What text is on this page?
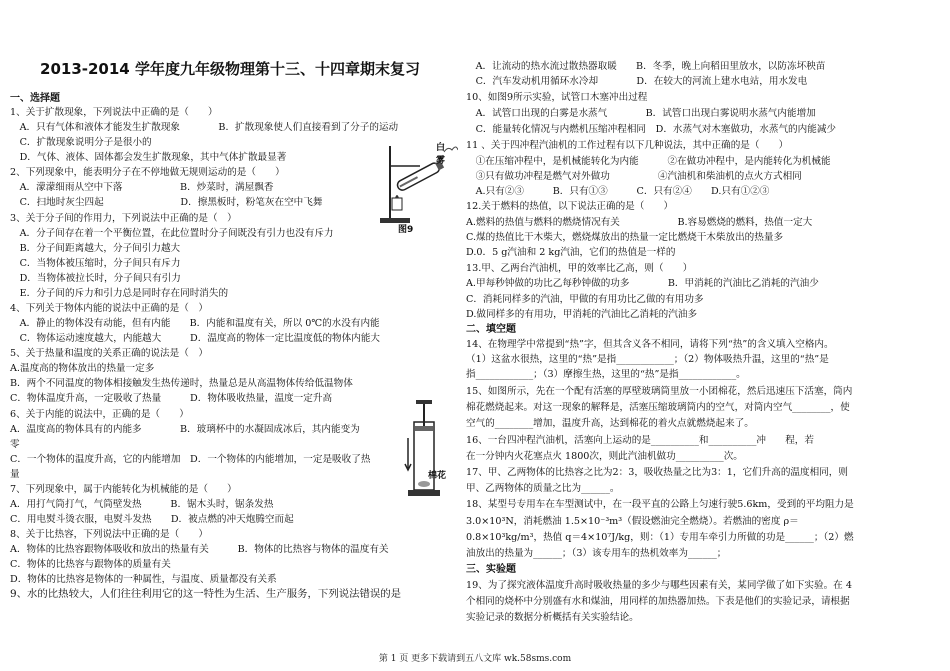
2013-2014 学年度九年级物理第十三、十四章期末复习
一、选择题
1、关于扩散现象，下列说法中正确的是（　　）
　A．只有气体和液体才能发生扩散现象　　　　B．扩散现象使人们直接看到了分子的运动
　C．扩散现象说明分子是很小的
　D．气体、液体、固体都会发生扩散现象，其中气体扩散最显著
2、下列现象中，能表明分子在不停地做无规则运动的是（　　）
　A．濛濛细雨从空中下落　　　　　　B．炒菜时，满屋飘香
　C．扫地时灰尘四起　　　　　　　　D．擦黑板时，粉笔灰在空中飞舞
3、关于分子间的作用力，下列说法中正确的是（　）
　A．分子间存在着一个平衡位置，在此位置时分子间既没有引力也没有斥力
　B．分子间距离越大，分子间引力越大
　C．当物体被压缩时，分子间只有斥力
　D．当物体被拉长时，分子间只有引力
　E．分子间的斥力和引力总是同时存在同时消失的
4、下列关于物体内能的说法中正确的是（　）
　A．静止的物体没有动能，但有内能　　B．内能和温度有关，所以 0℃的水没有内能
　C．物体运动速度越大，内能越大　　　D．温度高的物体一定比温度低的物体内能大
5、关于热量和温度的关系正确的说法是（　）
A.温度高的物体放出的热量一定多
B．两个不同温度的物体相接触发生热传递时，热量总是从高温物体传给低温物体
C．物体温度升高，一定吸收了热量　　　D．物体吸收热量，温度一定升高
6、关于内能的说法中，正确的是（　　）
A．温度高的物体具有的内能多　　　　B．玻璃杯中的水凝固成冰后，其内能变为
零
C．一个物体的温度升高，它的内能增加　D．一个物体的内能增加，一定是吸收了热
量
7、下列现象中，属于内能转化为机械能的是（　　）
A．用打气筒打气，气筒壁发热　　　B．锯木头时，锯条发热
C．用电熨斗烫衣服，电熨斗发热　　D．被点燃的冲天炮腾空而起
8、关于比热容，下列说法中正确的是（　　）
A．物体的比热容跟物体吸收和放出的热量有关　　　B．物体的比热容与物体的温度有关
C．物体的比热容与跟物体的质量有关
D．物体的比热容是物体的一种属性，与温度、质量都没有关系
9、水的比热较大，人们往往利用它的这一特性为生活、生产服务，下列说法错误的是
白雾
图9
棉花
　A．让流动的热水流过散热器取暖　　B．冬季，晚上向稻田里放水，以防冻坏秧苗
　C．汽车发动机用循环水冷却　　　　D．在较大的河流上建水电站，用水发电
10、如图9所示实验，试管口木塞冲出过程
　A．试管口出现的白雾是水蒸气　　　　B．试管口出现白雾说明水蒸气内能增加
　C．能量转化情况与内燃机压缩冲程相同　D．水蒸气对木塞做功，水蒸气的内能减少
11 、关于四冲程汽油机的工作过程有以下几种说法，其中正确的是（　　）
　①在压缩冲程中，是机械能转化为内能　　　②在做功冲程中，是内能转化为机械能
　③只有做功冲程是燃气对外做功　　　　　④汽油机和柴油机的点火方式相同
　A.只有②③　　　B．只有①③　　　C．只有②④　　D.只有①②③
12.关于燃料的热值，以下说法正确的是（　　）
A.燃料的热值与燃料的燃烧情况有关　　　　　　B.容易燃烧的燃料，热值一定大
C.煤的热值比干木柴大，燃烧煤放出的热量一定比燃烧干木柴放出的热量多
D.0．5 g汽油和 2 kg汽油，它们的热值是一样的
13.甲、乙两台汽油机，甲的效率比乙高，则（　　）
A.甲每秒钟做的功比乙每秒钟做的功多　　　　B．甲消耗的汽油比乙消耗的汽油少
C．消耗同样多的汽油，甲做的有用功比乙做的有用功多
D.做同样多的有用功，甲消耗的汽油比乙消耗的汽油多
二、填空题
14、在物理学中常提到“热”字，但其含义各不相同，请将下列“热”的含义填入空格内。
（1）这盆水很热，这里的“热”是指____________；（2）物体吸热升温，这里的“热”是
指____________；（3）摩擦生热，这里的“热”是指____________。
15、如图所示，先在一个配有活塞的厚壁玻璃筒里放一小团棉花，然后迅速压下活塞，筒内
棉花燃烧起来。对这一现象的解释是，活塞压缩玻璃筒内的空气，对筒内空气________，使
空气的________增加，温度升高，达到棉花的着火点就燃烧起来了。
16、一台四冲程汽油机，活塞向上运动的是__________和__________冲　　程，若
在一分钟内火花塞点火 1800次，则此汽油机做功__________次。
17、甲、乙两物体的比热容之比为2：3，吸收热量之比为3：1，它们升高的温度相同，则
甲、乙两物体的质量之比为______。
18、某型号专用车在车型测试中，在一段平直的公路上匀速行驶5.6km，受到的平均阻力是
3.0×10³N，消耗燃油 1.5×10⁻³m³（假设燃油完全燃烧）。若燃油的密度 ρ＝
0.8×10³kg/m³，热值 q＝4×10⁷J/kg，则：（1）专用车牵引力所做的功是______；（2）燃
油放出的热量为______；（3）该专用车的热机效率为______；
三、实验题
19、为了探究液体温度升高时吸收热量的多少与哪些因素有关，某同学做了如下实验。在 4
个相同的烧杯中分别盛有水和煤油，用同样的加热器加热。下表是他们的实验记录，请根据
实验记录的数据分析概括有关实验结论。
第 1 页 更多下载请到五八文库 wk.58sms.com
